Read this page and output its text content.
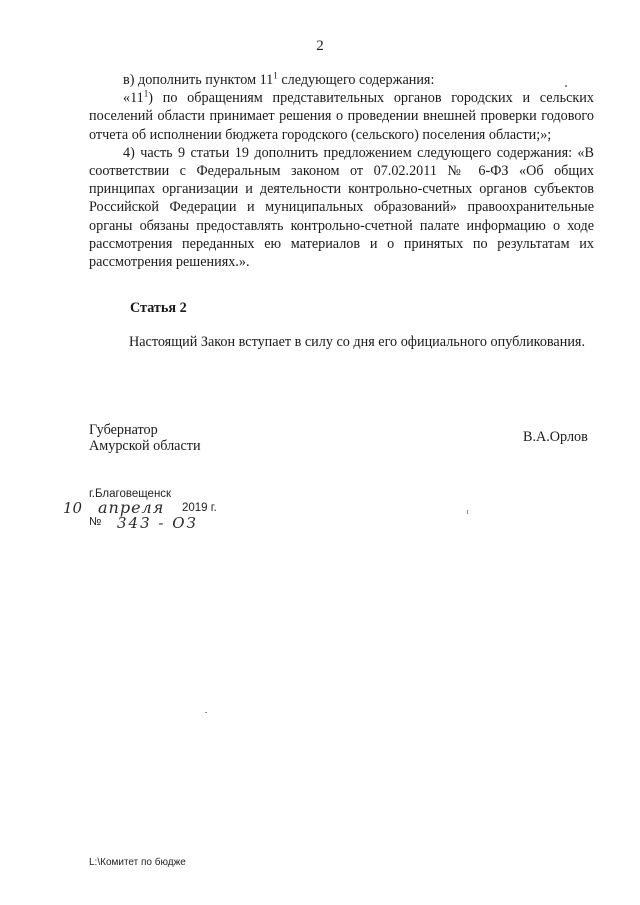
2

в) дополнить пунктом $11^1$ следующего содержания:

«$11^1$) по обращениям представительных органов городских и сельских поселений области принимает решения о проведении внешней проверки годового отчета об исполнении бюджета городского (сельского) поселения области;»;

4) часть 9 статьи 19 дополнить предложением следующего содержания: «В соответствии с Федеральным законом от 07.02.2011 № 6-ФЗ «Об общих принципах организации и деятельности контрольно-счетных органов субъектов Российской Федерации и муниципальных образований» правоохранительные органы обязаны предоставлять контрольно-счетной палате информацию о ходе рассмотрения переданных ею материалов и о принятых по результатам их рассмотрения решениях.».

Статья 2
Настоящий Закон вступает в силу со дня его официального опубликования.
Губернатор
Амурской области
В.А.Орлов
г.Благовещенск
2019 г.
№
10 апреля
343 - ОЗ
L:\Комитет по бюдже
